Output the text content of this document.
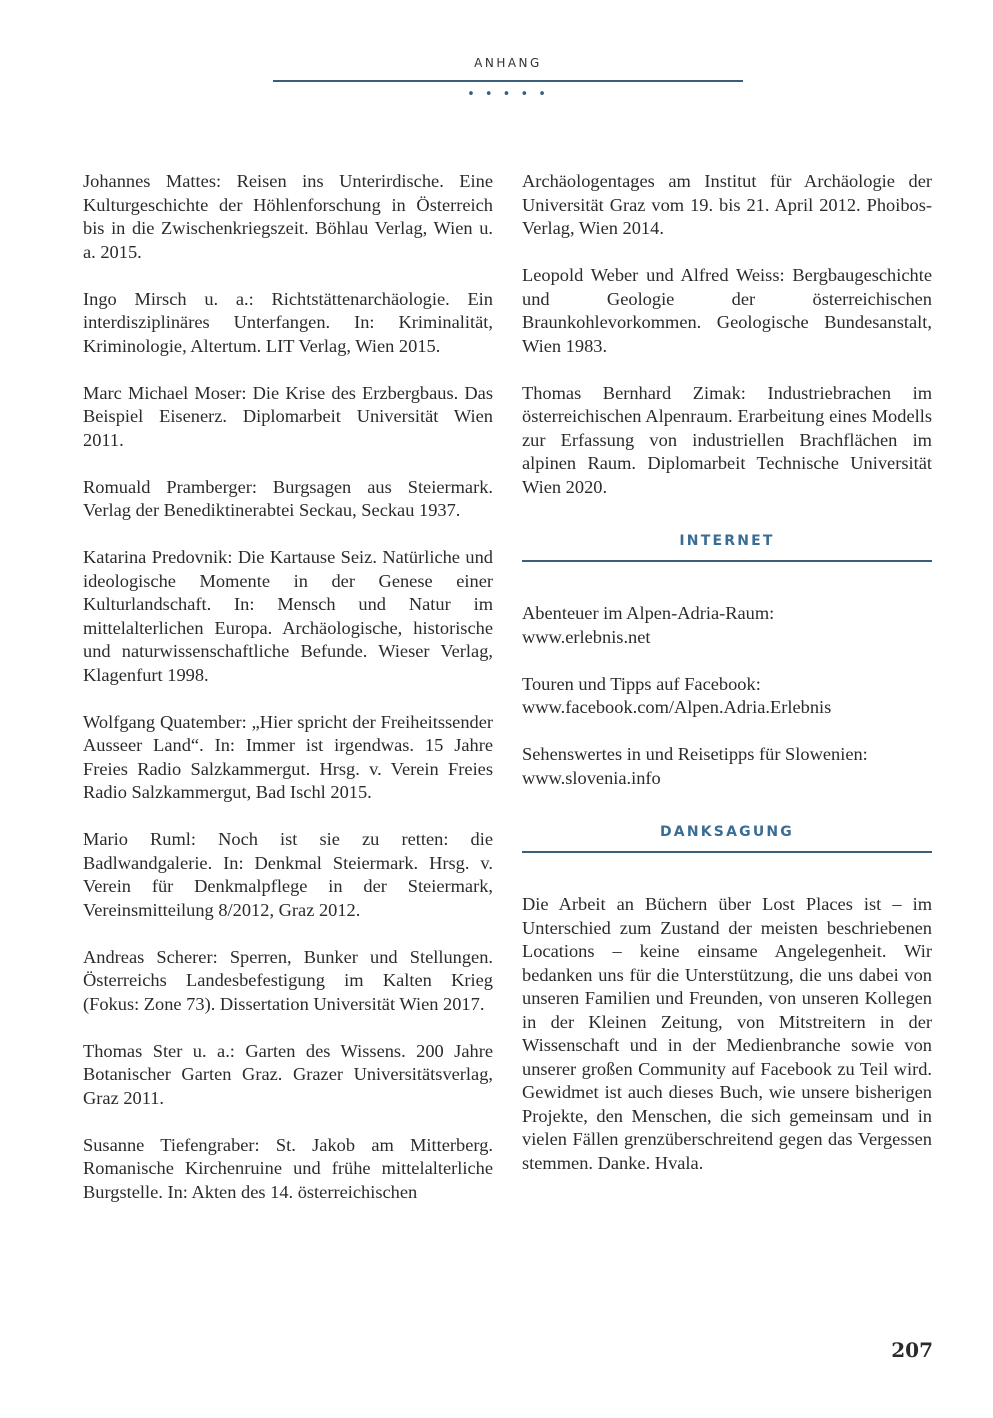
ANHANG
• • • • •

Johannes Mattes: Reisen ins Unterirdische. Eine Kulturgeschichte der Höhlenforschung in Österreich bis in die Zwischenkriegszeit. Böhlau Verlag, Wien u. a. 2015.

Ingo Mirsch u. a.: Richtstättenarchäologie. Ein interdisziplinäres Unterfangen. In: Kriminalität, Kriminologie, Altertum. LIT Verlag, Wien 2015.

Marc Michael Moser: Die Krise des Erzbergbaus. Das Beispiel Eisenerz. Diplomarbeit Universität Wien 2011.

Romuald Pramberger: Burgsagen aus Steiermark. Verlag der Benediktinerabtei Seckau, Seckau 1937.

Katarina Predovnik: Die Kartause Seiz. Natürliche und ideologische Momente in der Genese einer Kulturlandschaft. In: Mensch und Natur im mittelalterlichen Europa. Archäologische, historische und naturwissenschaftliche Befunde. Wieser Verlag, Klagenfurt 1998.

Wolfgang Quatember: „Hier spricht der Freiheitssender Ausseer Land“. In: Immer ist irgendwas. 15 Jahre Freies Radio Salzkammergut. Hrsg. v. Verein Freies Radio Salzkammergut, Bad Ischl 2015.

Mario Ruml: Noch ist sie zu retten: die Badlwandgalerie. In: Denkmal Steiermark. Hrsg. v. Verein für Denkmalpflege in der Steiermark, Vereinsmitteilung 8/2012, Graz 2012.

Andreas Scherer: Sperren, Bunker und Stellungen. Österreichs Landesbefestigung im Kalten Krieg (Fokus: Zone 73). Dissertation Universität Wien 2017.

Thomas Ster u. a.: Garten des Wissens. 200 Jahre Botanischer Garten Graz. Grazer Universitätsverlag, Graz 2011.

Susanne Tiefengraber: St. Jakob am Mitterberg. Romanische Kirchenruine und frühe mittelalterliche Burgstelle. In: Akten des 14. österreichischen

Archäologentages am Institut für Archäologie der Universität Graz vom 19. bis 21. April 2012. Phoibos-Verlag, Wien 2014.

Leopold Weber und Alfred Weiss: Bergbaugeschichte und Geologie der österreichischen Braunkohlevorkommen. Geologische Bundesanstalt, Wien 1983.

Thomas Bernhard Zimak: Industriebrachen im österreichischen Alpenraum. Erarbeitung eines Modells zur Erfassung von industriellen Brachflächen im alpinen Raum. Diplomarbeit Technische Universität Wien 2020.

INTERNET

Abenteuer im Alpen-Adria-Raum:
www.erlebnis.net

Touren und Tipps auf Facebook:
www.facebook.com/Alpen.Adria.Erlebnis

Sehenswertes in und Reisetipps für Slowenien:
www.slovenia.info

DANKSAGUNG

Die Arbeit an Büchern über Lost Places ist – im Unterschied zum Zustand der meisten beschriebenen Locations – keine einsame Angelegenheit. Wir bedanken uns für die Unterstützung, die uns dabei von unseren Familien und Freunden, von unseren Kollegen in der Kleinen Zeitung, von Mitstreitern in der Wissenschaft und in der Medienbranche sowie von unserer großen Community auf Facebook zu Teil wird. Gewidmet ist auch dieses Buch, wie unsere bisherigen Projekte, den Menschen, die sich gemeinsam und in vielen Fällen grenzüberschreitend gegen das Vergessen stemmen. Danke. Hvala.

207
